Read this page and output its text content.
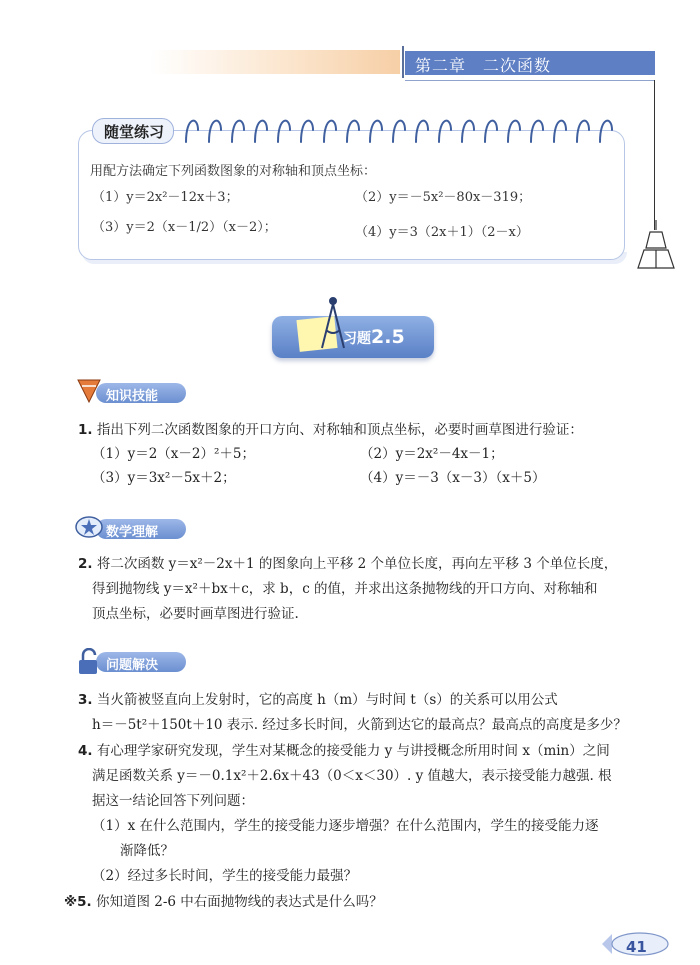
第二章　二次函数
随堂练习
用配方法确定下列函数图象的对称轴和顶点坐标：
（1）y＝2x²－12x＋3；	（2）y＝－5x²－80x－319；
（3）y＝2（x－1/2）（x－2）；	（4）y＝3（2x＋1）（2－x）
习题2.5
知识技能
1. 指出下列二次函数图象的开口方向、对称轴和顶点坐标，必要时画草图进行验证：
（1）y＝2（x－2）²＋5；	（2）y＝2x²－4x－1；
（3）y＝3x²－5x＋2；	（4）y＝－3（x－3）（x＋5）
数学理解
2. 将二次函数 y＝x²－2x＋1 的图象向上平移 2 个单位长度，再向左平移 3 个单位长度，
得到抛物线 y＝x²＋bx＋c，求 b，c 的值，并求出这条抛物线的开口方向、对称轴和
顶点坐标，必要时画草图进行验证.
问题解决
3. 当火箭被竖直向上发射时，它的高度 h（m）与时间 t（s）的关系可以用公式
h＝－5t²＋150t＋10 表示. 经过多长时间，火箭到达它的最高点？最高点的高度是多少？
4. 有心理学家研究发现，学生对某概念的接受能力 y 与讲授概念所用时间 x（min）之间
满足函数关系 y＝－0.1x²＋2.6x＋43（0＜x＜30）. y 值越大，表示接受能力越强. 根
据这一结论回答下列问题：
（1）x 在什么范围内，学生的接受能力逐步增强？在什么范围内，学生的接受能力逐
渐降低？
（2）经过多长时间，学生的接受能力最强？
※5. 你知道图 2-6 中右面抛物线的表达式是什么吗？
41
